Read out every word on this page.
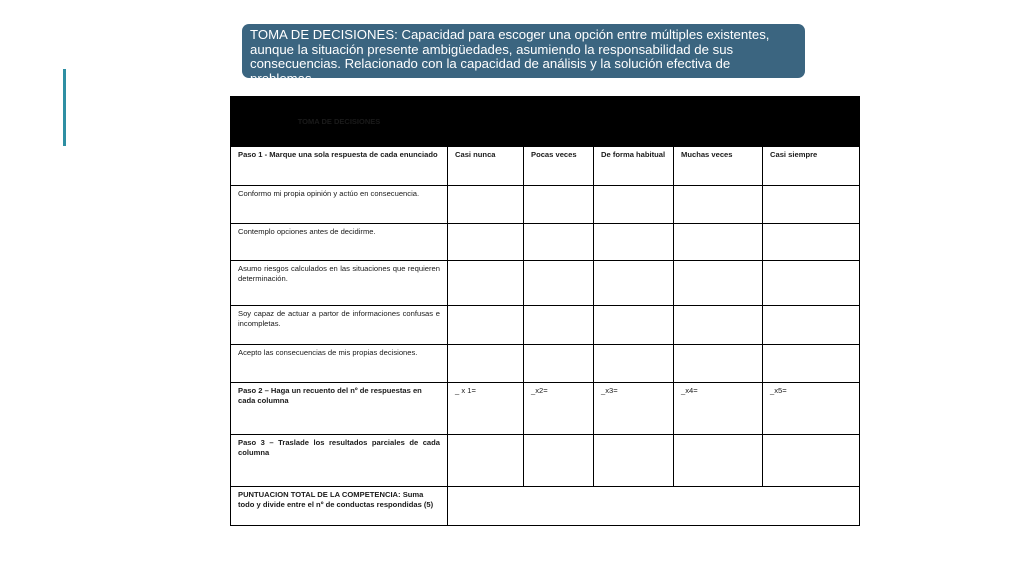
TOMA DE DECISIONES: Capacidad para escoger una opción entre múltiples existentes, aunque la situación presente ambigüedades, asumiendo la responsabilidad de sus consecuencias. Relacionado con la capacidad de análisis y la solución efectiva de problemas.
TOMA DE DECISIONES					
Paso 1 - Marque una sola respuesta de cada enunciado	Casi nunca	Pocas veces	De forma habitual	Muchas veces	Casi siempre
Conformo mi propia opinión y actúo en consecuencia.					
Contemplo opciones antes de decidirme.					
Asumo riesgos calculados en las situaciones que requieren determinación.					
Soy capaz de actuar a partor de informaciones confusas e incompletas.					
Acepto las consecuencias de mis propias decisiones.					
Paso 2 – Haga un recuento del nº de respuestas en cada columna	_ x 1=	_x2=	_x3=	_x4=	_x5=
Paso 3 – Traslade los resultados parciales de cada columna					
PUNTUACION TOTAL DE LA COMPETENCIA: Suma todo y divide entre el nº de conductas respondidas (5)					
